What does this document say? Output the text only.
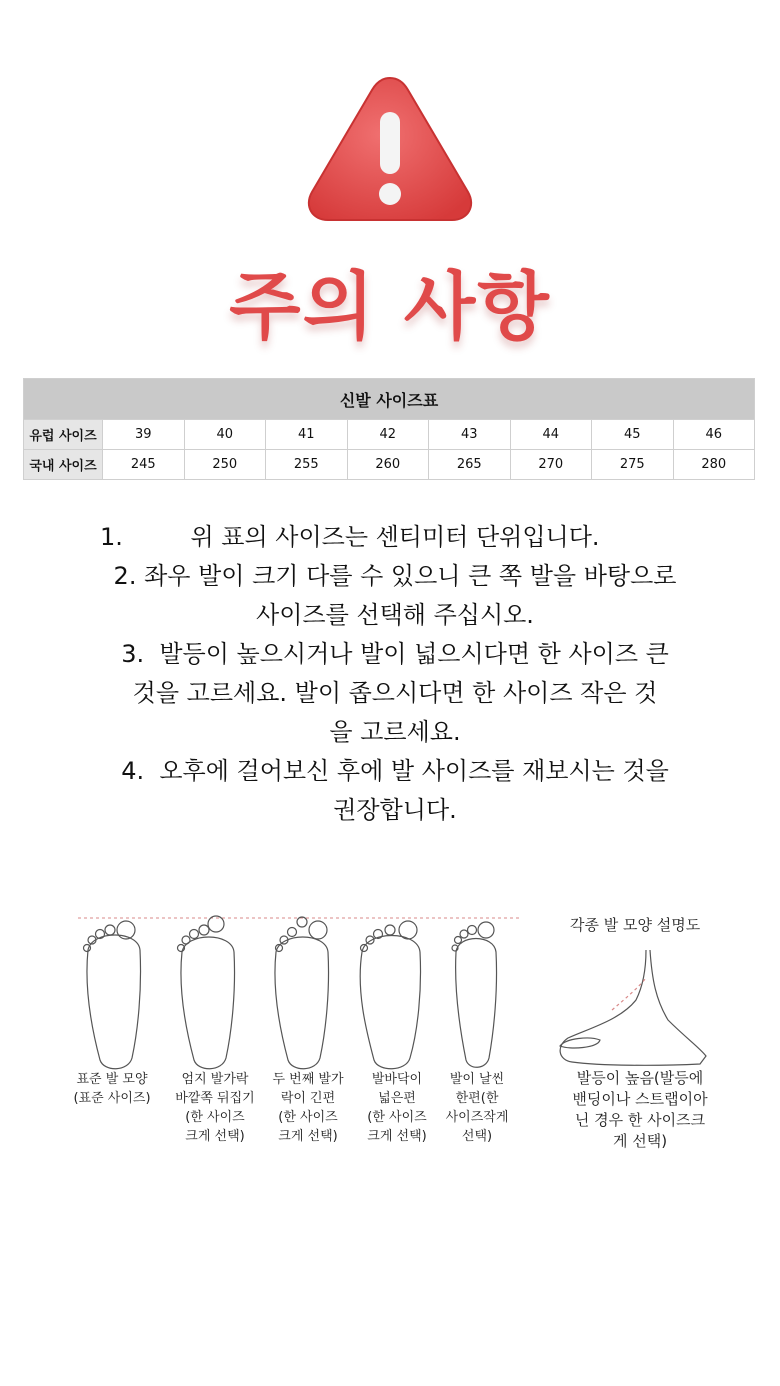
주의 사항
신발 사이즈표								
유럽 사이즈	39	40	41	42	43	44	45	46
국내 사이즈	245	250	255	260	265	270	275	280
1.	위 표의 사이즈는 센티미터 단위입니다.
2. 좌우 발이 크기 다를 수 있으니 큰 쪽 발을 바탕으로
사이즈를 선택해 주십시오.
3. 발등이 높으시거나 발이 넓으시다면 한 사이즈 큰
것을 고르세요. 발이 좁으시다면 한 사이즈 작은 것
을 고르세요.
4. 오후에 걸어보신 후에 발 사이즈를 재보시는 것을
권장합니다.
각종 발 모양 설명도
표준 발 모양
(표준 사이즈)
엄지 발가락
바깥쪽 뒤집기
(한 사이즈
크게 선택)
두 번째 발가
락이 긴편
(한 사이즈
크게 선택)
발바닥이
넓은편
(한 사이즈
크게 선택)
발이 날씬
한편(한
사이즈작게
선택)
발등이 높음(발등에
밴딩이나 스트랩이아
닌 경우 한 사이즈크
게 선택)
